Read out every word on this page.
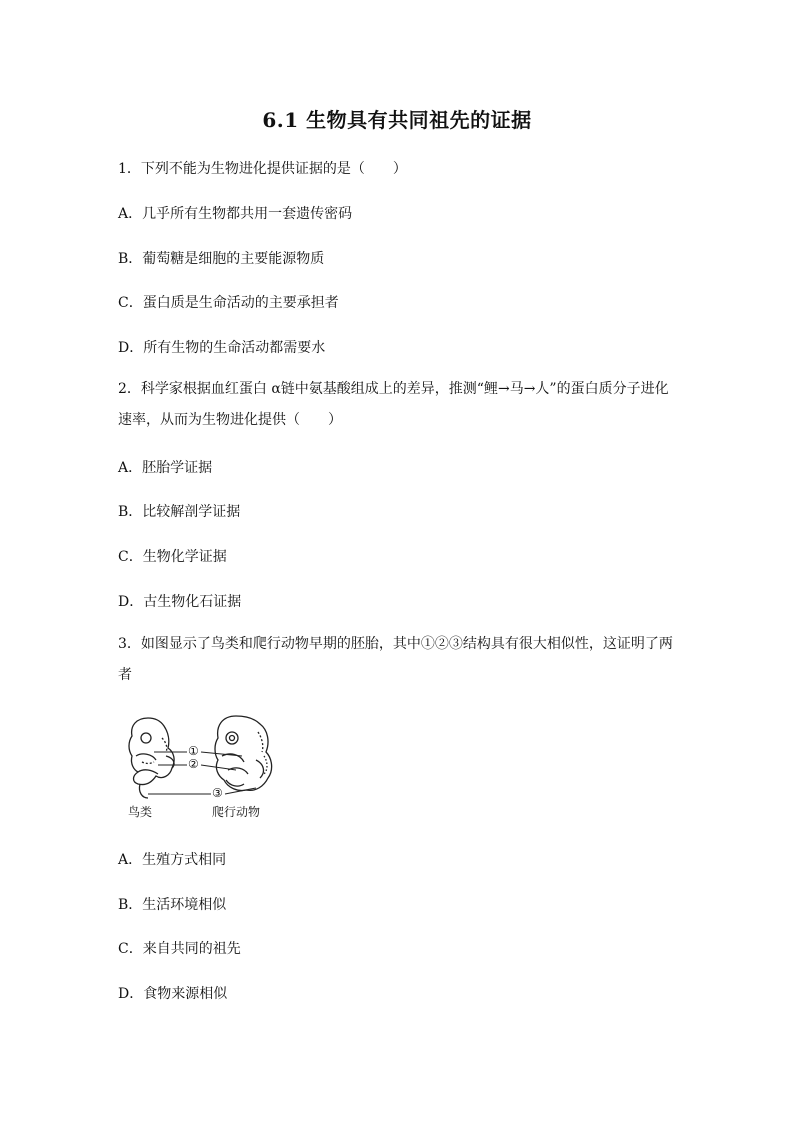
6.1 生物具有共同祖先的证据
1．下列不能为生物进化提供证据的是（　　）
A．几乎所有生物都共用一套遗传密码
B．葡萄糖是细胞的主要能源物质
C．蛋白质是生命活动的主要承担者
D．所有生物的生命活动都需要水
2．科学家根据血红蛋白 α链中氨基酸组成上的差异，推测“鲤→马→人”的蛋白质分子进化速率，从而为生物进化提供（　　）
A．胚胎学证据
B．比较解剖学证据
C．生物化学证据
D．古生物化石证据
3．如图显示了鸟类和爬行动物早期的胚胎，其中①②③结构具有很大相似性，这证明了两者
①
②
③
鸟类	爬行动物
A．生殖方式相同
B．生活环境相似
C．来自共同的祖先
D．食物来源相似
